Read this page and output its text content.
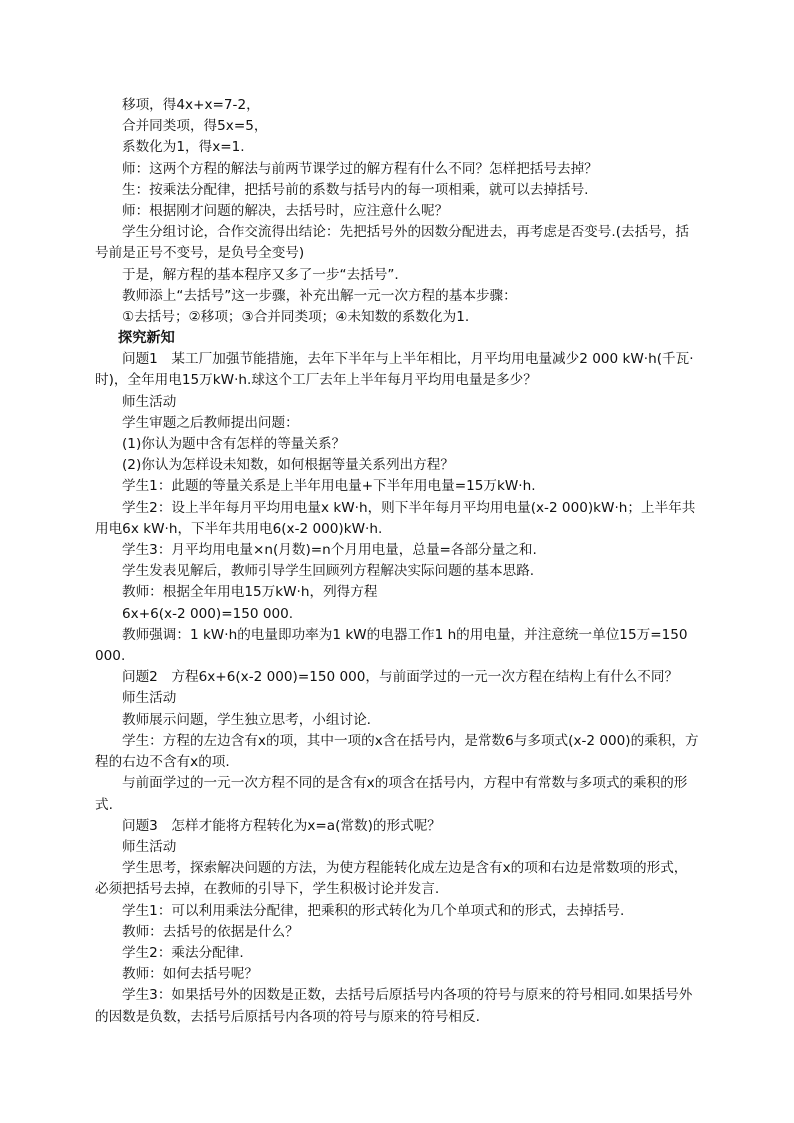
移项，得4x+x=7-2，
合并同类项，得5x=5，
系数化为1，得x=1.
师：这两个方程的解法与前两节课学过的解方程有什么不同？怎样把括号去掉？
生：按乘法分配律，把括号前的系数与括号内的每一项相乘，就可以去掉括号.
师：根据刚才问题的解决，去括号时，应注意什么呢？
学生分组讨论，合作交流得出结论：先把括号外的因数分配进去，再考虑是否变号.(去括号，括号前是正号不变号，是负号全变号)
于是，解方程的基本程序又多了一步“去括号”.
教师添上“去括号”这一步骤，补充出解一元一次方程的基本步骤：
①去括号；②移项；③合并同类项；④未知数的系数化为1.
探究新知
问题1　某工厂加强节能措施，去年下半年与上半年相比，月平均用电量减少2 000 kW·h(千瓦·时)，全年用电15万kW·h.球这个工厂去年上半年每月平均用电量是多少？
师生活动
学生审题之后教师提出问题：
(1)你认为题中含有怎样的等量关系？
(2)你认为怎样设未知数，如何根据等量关系列出方程？
学生1：此题的等量关系是上半年用电量+下半年用电量=15万kW·h.
学生2：设上半年每月平均用电量x kW·h，则下半年每月平均用电量(x-2 000)kW·h；上半年共用电6x kW·h，下半年共用电6(x-2 000)kW·h.
学生3：月平均用电量×n(月数)=n个月用电量，总量=各部分量之和.
学生发表见解后，教师引导学生回顾列方程解决实际问题的基本思路.
教师：根据全年用电15万kW·h，列得方程
6x+6(x-2 000)=150 000.
教师强调：1 kW·h的电量即功率为1 kW的电器工作1 h的用电量，并注意统一单位15万=150 000.
问题2　方程6x+6(x-2 000)=150 000，与前面学过的一元一次方程在结构上有什么不同？
师生活动
教师展示问题，学生独立思考，小组讨论.
学生：方程的左边含有x的项，其中一项的x含在括号内，是常数6与多项式(x-2 000)的乘积，方程的右边不含有x的项.
与前面学过的一元一次方程不同的是含有x的项含在括号内，方程中有常数与多项式的乘积的形式.
问题3　怎样才能将方程转化为x=a(常数)的形式呢？
师生活动
学生思考，探索解决问题的方法，为使方程能转化成左边是含有x的项和右边是常数项的形式，必须把括号去掉，在教师的引导下，学生积极讨论并发言.
学生1：可以利用乘法分配律，把乘积的形式转化为几个单项式和的形式，去掉括号.
教师：去括号的依据是什么？
学生2：乘法分配律.
教师：如何去括号呢？
学生3：如果括号外的因数是正数，去括号后原括号内各项的符号与原来的符号相同.如果括号外的因数是负数，去括号后原括号内各项的符号与原来的符号相反.
